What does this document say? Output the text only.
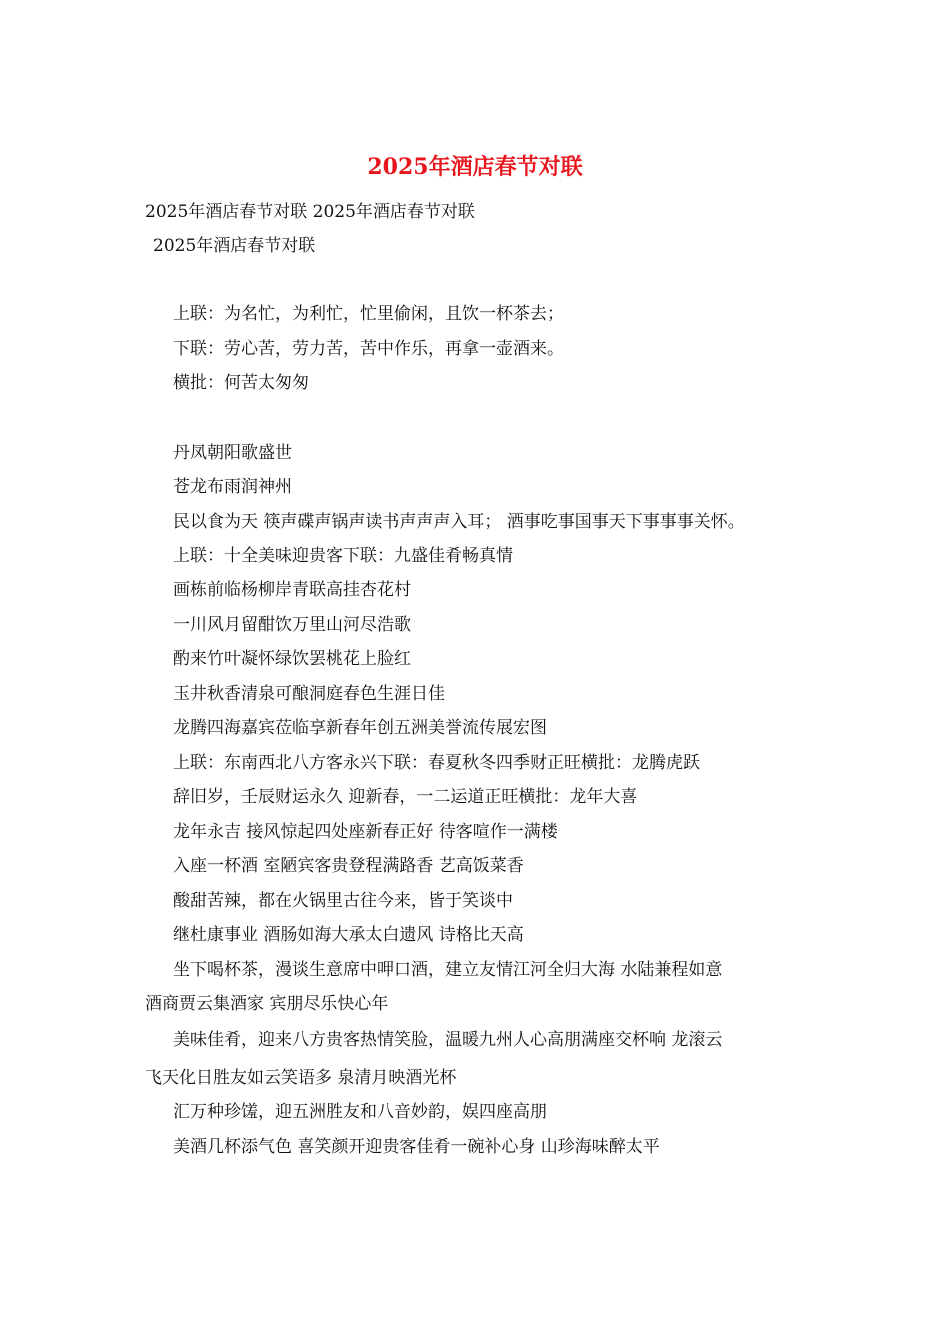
2025年酒店春节对联
2025年酒店春节对联 2025年酒店春节对联
2025年酒店春节对联
上联：为名忙，为利忙，忙里偷闲，且饮一杯茶去；
下联：劳心苦，劳力苦，苦中作乐，再拿一壶酒来。
横批：何苦太匆匆
丹凤朝阳歌盛世
苍龙布雨润神州
民以食为天 筷声碟声锅声读书声声声入耳； 酒事吃事国事天下事事事关怀。
上联：十全美味迎贵客下联：九盛佳肴畅真情
画栋前临杨柳岸青联高挂杏花村
一川风月留酣饮万里山河尽浩歌
酌来竹叶凝怀绿饮罢桃花上脸红
玉井秋香清泉可酿洞庭春色生涯日佳
龙腾四海嘉宾莅临享新春年创五洲美誉流传展宏图
上联：东南西北八方客永兴下联：春夏秋冬四季财正旺横批：龙腾虎跃
辞旧岁，壬辰财运永久 迎新春，一二运道正旺横批：龙年大喜
龙年永吉 接风惊起四处座新春正好 待客喧作一满楼
入座一杯酒 室陋宾客贵登程满路香 艺高饭菜香
酸甜苦辣，都在火锅里古往今来，皆于笑谈中
继杜康事业 酒肠如海大承太白遗风 诗格比天高
坐下喝杯茶，漫谈生意席中呷口酒，建立友情江河全归大海 水陆兼程如意
酒商贾云集酒家 宾朋尽乐快心年
美味佳肴，迎来八方贵客热情笑脸，温暖九州人心高朋满座交杯响 龙滚云
飞天化日胜友如云笑语多 泉清月映酒光杯
汇万种珍馐，迎五洲胜友和八音妙韵，娱四座高朋
美酒几杯添气色 喜笑颜开迎贵客佳肴一碗补心身 山珍海味醉太平
